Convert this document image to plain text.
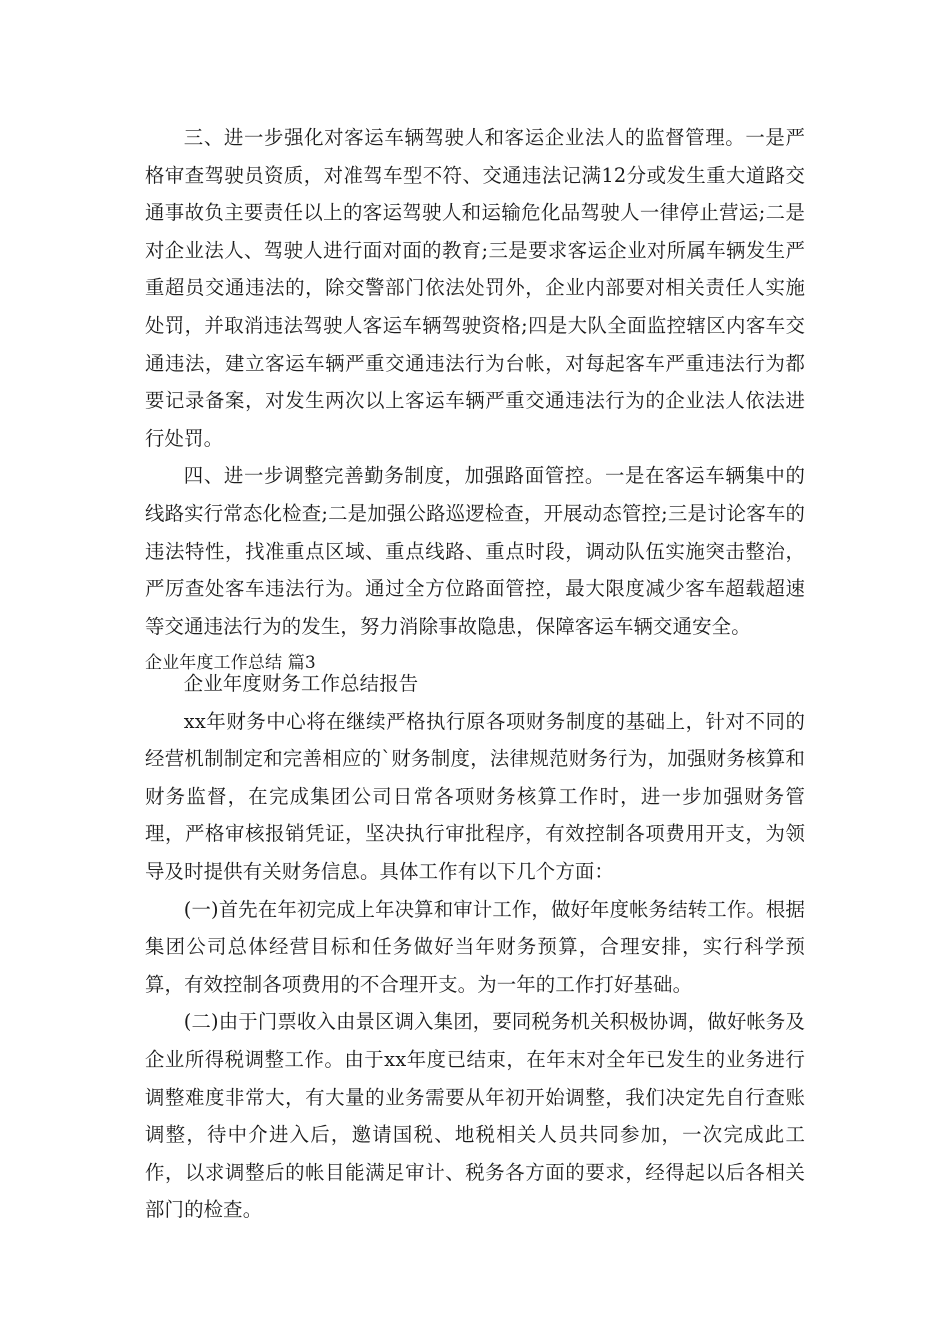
三、进一步强化对客运车辆驾驶人和客运企业法人的监督管理。一是严格审查驾驶员资质，对准驾车型不符、交通违法记满12分或发生重大道路交通事故负主要责任以上的客运驾驶人和运输危化品驾驶人一律停止营运;二是对企业法人、驾驶人进行面对面的教育;三是要求客运企业对所属车辆发生严重超员交通违法的，除交警部门依法处罚外，企业内部要对相关责任人实施处罚，并取消违法驾驶人客运车辆驾驶资格;四是大队全面监控辖区内客车交通违法，建立客运车辆严重交通违法行为台帐，对每起客车严重违法行为都要记录备案，对发生两次以上客运车辆严重交通违法行为的企业法人依法进行处罚。

四、进一步调整完善勤务制度，加强路面管控。一是在客运车辆集中的线路实行常态化检查;二是加强公路巡逻检查，开展动态管控;三是讨论客车的违法特性，找准重点区域、重点线路、重点时段，调动队伍实施突击整治，严厉查处客车违法行为。通过全方位路面管控，最大限度减少客车超载超速等交通违法行为的发生，努力消除事故隐患，保障客运车辆交通安全。

企业年度工作总结 篇3

企业年度财务工作总结报告

xx年财务中心将在继续严格执行原各项财务制度的基础上，针对不同的经营机制制定和完善相应的`财务制度，法律规范财务行为，加强财务核算和财务监督，在完成集团公司日常各项财务核算工作时，进一步加强财务管理，严格审核报销凭证，坚决执行审批程序，有效控制各项费用开支，为领导及时提供有关财务信息。具体工作有以下几个方面：

(一)首先在年初完成上年决算和审计工作，做好年度帐务结转工作。根据集团公司总体经营目标和任务做好当年财务预算，合理安排，实行科学预算，有效控制各项费用的不合理开支。为一年的工作打好基础。

(二)由于门票收入由景区调入集团，要同税务机关积极协调，做好帐务及企业所得税调整工作。由于xx年度已结束，在年末对全年已发生的业务进行调整难度非常大，有大量的业务需要从年初开始调整，我们决定先自行查账调整，待中介进入后，邀请国税、地税相关人员共同参加，一次完成此工作，以求调整后的帐目能满足审计、税务各方面的要求，经得起以后各相关部门的检查。
